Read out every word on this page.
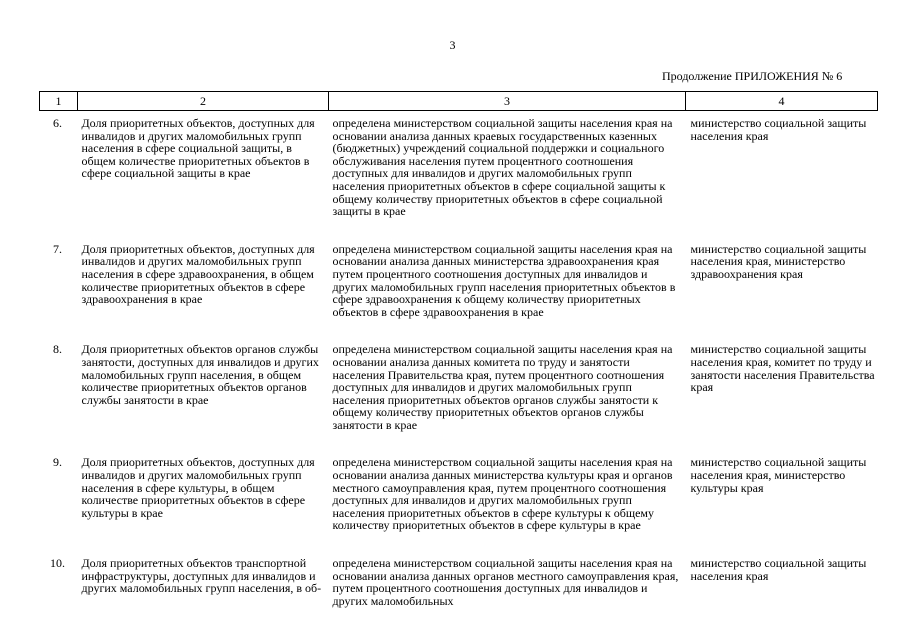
3
Продолжение ПРИЛОЖЕНИЯ № 6
1	2	3	4
6.	Доля приоритетных объектов, доступных для инвалидов и других маломобильных групп населения в сфере социальной защиты, в общем количестве приоритетных объектов в сфере социальной защиты в крае	определена министерством социальной защиты населения края на основании анализа данных краевых государственных казенных (бюджетных) учреждений социальной поддержки и социального обслуживания населения путем процентного соотношения доступных для инвалидов и других маломобильных групп населения приоритетных объектов в сфере социальной защиты к общему количеству приоритетных объектов в сфере социальной защиты в крае	министерство социальной защиты населения края

7.	Доля приоритетных объектов, доступных для инвалидов и других маломобильных групп населения в сфере здравоохранения, в общем количестве приоритетных объектов в сфере здравоохранения в крае	определена министерством социальной защиты населения края на основании анализа данных министерства здравоохранения края путем процентного соотношения доступных для инвалидов и других маломобильных групп населения приоритетных объектов в сфере здравоохранения к общему количеству приоритетных объектов в сфере здравоохранения в крае	министерство социальной защиты населения края, министерство здравоохранения края

8.	Доля приоритетных объектов органов службы занятости, доступных для инвалидов и других маломобильных групп населения, в общем количестве приоритетных объектов органов службы занятости в крае	определена министерством социальной защиты населения края на основании анализа данных комитета по труду и занятости населения Правительства края, путем процентного соотношения доступных для инвалидов и других маломобильных групп населения приоритетных объектов органов службы занятости к общему количеству приоритетных объектов органов службы занятости в крае	министерство социальной защиты населения края, комитет по труду и занятости населения Правительства края

9.	Доля приоритетных объектов, доступных для инвалидов и других маломобильных групп населения в сфере культуры, в общем количестве приоритетных объектов в сфере культуры в крае	определена министерством социальной защиты населения края на основании анализа данных министерства культуры края и органов местного самоуправления края, путем процентного соотношения доступных для инвалидов и других маломобильных групп населения приоритетных объектов в сфере культуры к общему количеству приоритетных объектов в сфере культуры в крае	министерство социальной защиты населения края, министерство культуры края

10.	Доля приоритетных объектов транспортной инфраструктуры, доступных для инвалидов и других маломобильных групп населения, в об-	определена министерством социальной защиты населения края на основании анализа данных органов местного самоуправления края, путем процентного соотношения доступных для инвалидов и других маломобильных	министерство социальной защиты населения края
